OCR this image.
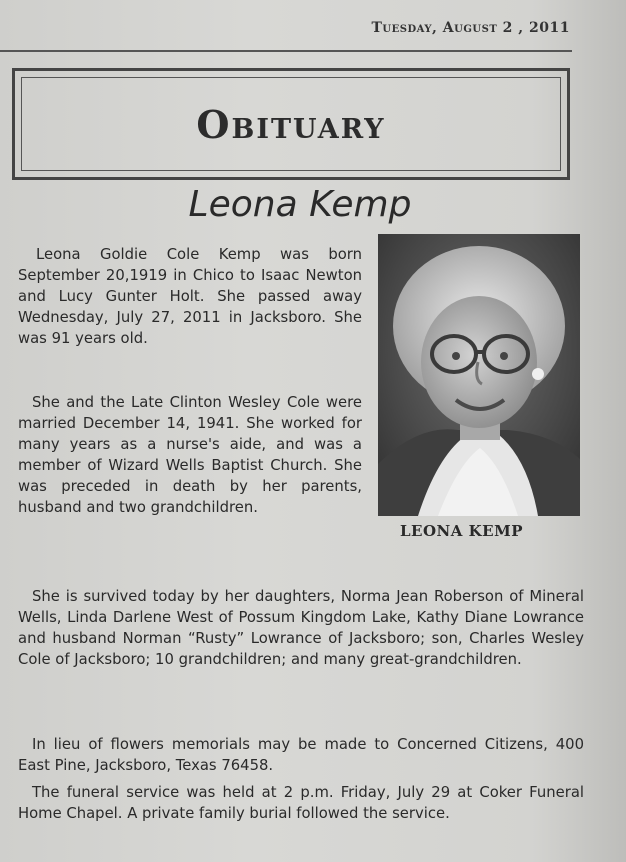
Tuesday, August 2 , 2011
Obituary
Leona Kemp
LEONA KEMP

Leona Goldie Cole Kemp was born September 20,1919 in Chico to Isaac Newton and Lucy Gunter Holt. She passed away Wednesday, July 27, 2011 in Jacksboro. She was 91 years old.

She and the Late Clinton Wesley Cole were married December 14, 1941. She worked for many years as a nurse's aide, and was a member of Wizard Wells Baptist Church. She was preceded in death by her parents, husband and two grandchildren.

She is survived today by her daughters, Norma Jean Roberson of Mineral Wells, Linda Darlene West of Possum Kingdom Lake, Kathy Diane Lowrance and husband Norman “Rusty” Lowrance of Jacksboro; son, Charles Wesley Cole of Jacksboro; 10 grandchildren; and many great-grandchildren.

In lieu of flowers memorials may be made to Concerned Citizens, 400 East Pine, Jacksboro, Texas 76458.

The funeral service was held at 2 p.m. Friday, July 29 at Coker Funeral Home Chapel. A private family burial followed the service.
